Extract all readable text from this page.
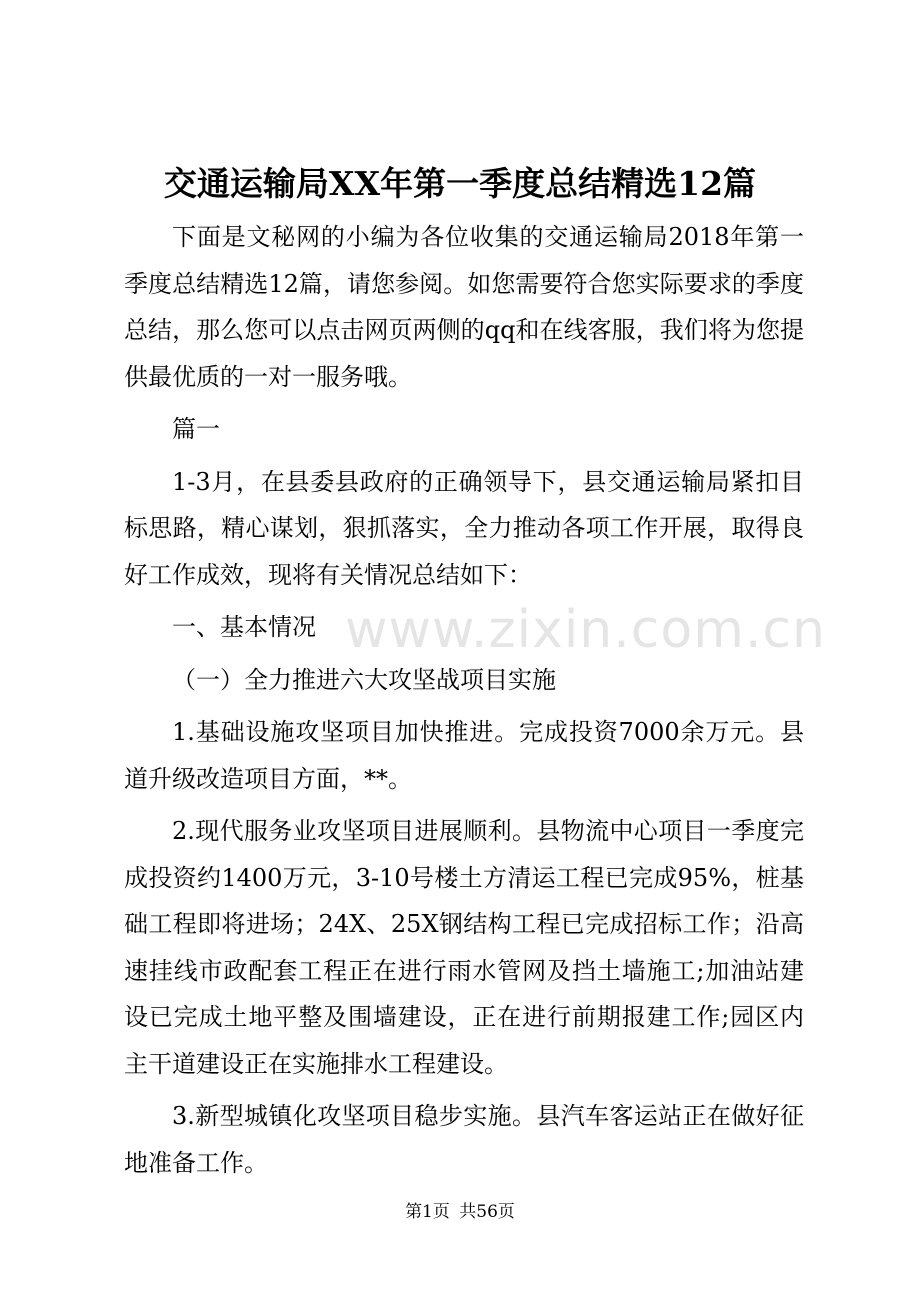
交通运输局XX年第一季度总结精选12篇

下面是文秘网的小编为各位收集的交通运输局2018年第一季度总结精选12篇，请您参阅。如您需要符合您实际要求的季度总结，那么您可以点击网页两侧的qq和在线客服，我们将为您提供最优质的一对一服务哦。

篇一

1-3月，在县委县政府的正确领导下，县交通运输局紧扣目标思路，精心谋划，狠抓落实，全力推动各项工作开展，取得良好工作成效，现将有关情况总结如下：

一、基本情况

（一）全力推进六大攻坚战项目实施

1.基础设施攻坚项目加快推进。完成投资7000余万元。县道升级改造项目方面，**。

2.现代服务业攻坚项目进展顺利。县物流中心项目一季度完成投资约1400万元，3-10号楼土方清运工程已完成95%，桩基础工程即将进场；24X、25X钢结构工程已完成招标工作；沿高速挂线市政配套工程正在进行雨水管网及挡土墙施工;加油站建设已完成土地平整及围墙建设，正在进行前期报建工作;园区内主干道建设正在实施排水工程建设。

3.新型城镇化攻坚项目稳步实施。县汽车客运站正在做好征地准备工作。

www.zixin.com.cn
第1页 共56页
